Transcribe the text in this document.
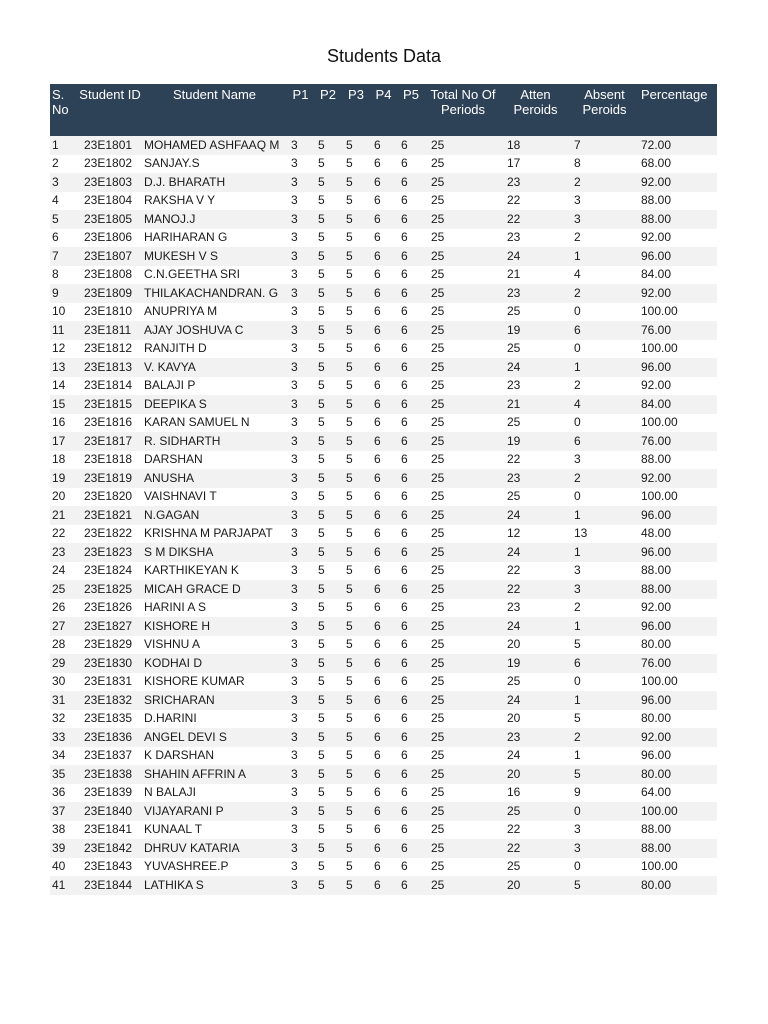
Students Data
S. No	Student ID	Student Name	P1	P2	P3	P4	P5	Total No Of Periods	Atten Peroids	Absent Peroids	Percentage
1	23E1801	MOHAMED ASHFAAQ M	3	5	5	6	6	25	18	7	72.00
2	23E1802	SANJAY.S	3	5	5	6	6	25	17	8	68.00
3	23E1803	D.J. BHARATH	3	5	5	6	6	25	23	2	92.00
4	23E1804	RAKSHA V Y	3	5	5	6	6	25	22	3	88.00
5	23E1805	MANOJ.J	3	5	5	6	6	25	22	3	88.00
6	23E1806	HARIHARAN G	3	5	5	6	6	25	23	2	92.00
7	23E1807	MUKESH V S	3	5	5	6	6	25	24	1	96.00
8	23E1808	C.N.GEETHA SRI	3	5	5	6	6	25	21	4	84.00
9	23E1809	THILAKACHANDRAN. G	3	5	5	6	6	25	23	2	92.00
10	23E1810	ANUPRIYA M	3	5	5	6	6	25	25	0	100.00
11	23E1811	AJAY JOSHUVA C	3	5	5	6	6	25	19	6	76.00
12	23E1812	RANJITH D	3	5	5	6	6	25	25	0	100.00
13	23E1813	V. KAVYA	3	5	5	6	6	25	24	1	96.00
14	23E1814	BALAJI P	3	5	5	6	6	25	23	2	92.00
15	23E1815	DEEPIKA S	3	5	5	6	6	25	21	4	84.00
16	23E1816	KARAN SAMUEL N	3	5	5	6	6	25	25	0	100.00
17	23E1817	R. SIDHARTH	3	5	5	6	6	25	19	6	76.00
18	23E1818	DARSHAN	3	5	5	6	6	25	22	3	88.00
19	23E1819	ANUSHA	3	5	5	6	6	25	23	2	92.00
20	23E1820	VAISHNAVI T	3	5	5	6	6	25	25	0	100.00
21	23E1821	N.GAGAN	3	5	5	6	6	25	24	1	96.00
22	23E1822	KRISHNA M PARJAPAT	3	5	5	6	6	25	12	13	48.00
23	23E1823	S M DIKSHA	3	5	5	6	6	25	24	1	96.00
24	23E1824	KARTHIKEYAN K	3	5	5	6	6	25	22	3	88.00
25	23E1825	MICAH GRACE D	3	5	5	6	6	25	22	3	88.00
26	23E1826	HARINI A S	3	5	5	6	6	25	23	2	92.00
27	23E1827	KISHORE H	3	5	5	6	6	25	24	1	96.00
28	23E1829	VISHNU A	3	5	5	6	6	25	20	5	80.00
29	23E1830	KODHAI D	3	5	5	6	6	25	19	6	76.00
30	23E1831	KISHORE KUMAR	3	5	5	6	6	25	25	0	100.00
31	23E1832	SRICHARAN	3	5	5	6	6	25	24	1	96.00
32	23E1835	D.HARINI	3	5	5	6	6	25	20	5	80.00
33	23E1836	ANGEL DEVI S	3	5	5	6	6	25	23	2	92.00
34	23E1837	K DARSHAN	3	5	5	6	6	25	24	1	96.00
35	23E1838	SHAHIN AFFRIN A	3	5	5	6	6	25	20	5	80.00
36	23E1839	N BALAJI	3	5	5	6	6	25	16	9	64.00
37	23E1840	VIJAYARANI P	3	5	5	6	6	25	25	0	100.00
38	23E1841	KUNAAL T	3	5	5	6	6	25	22	3	88.00
39	23E1842	DHRUV KATARIA	3	5	5	6	6	25	22	3	88.00
40	23E1843	YUVASHREE.P	3	5	5	6	6	25	25	0	100.00
41	23E1844	LATHIKA S	3	5	5	6	6	25	20	5	80.00
